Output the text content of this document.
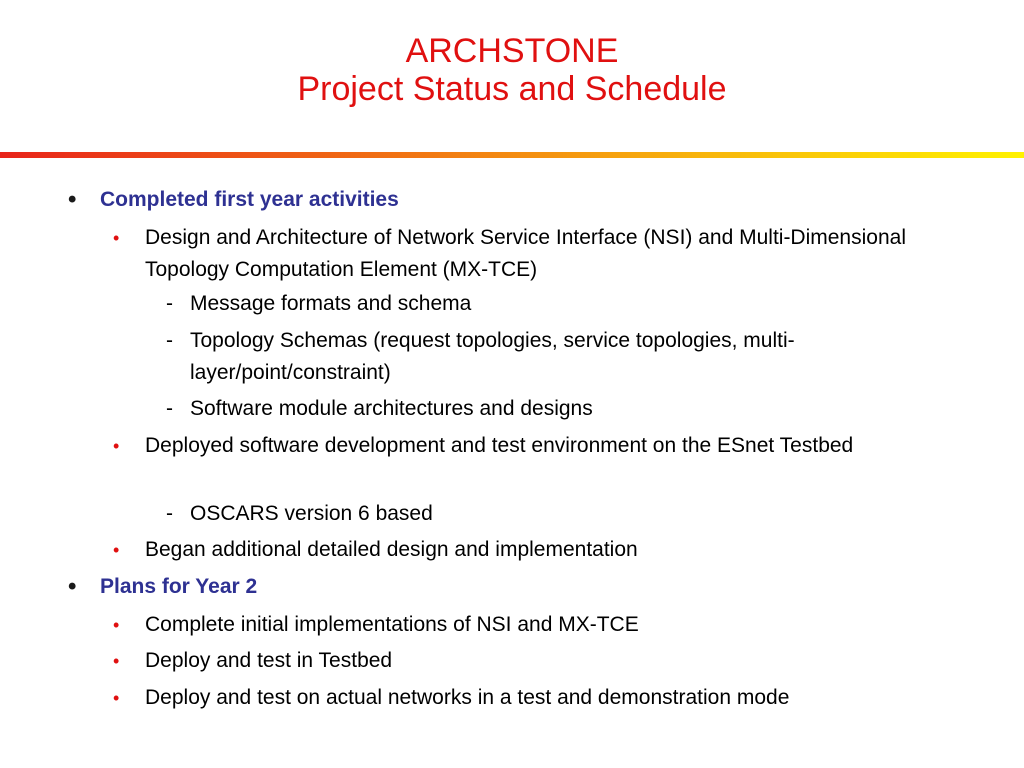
ARCHSTONE
Project Status and Schedule
• Completed first year activities
• Design and Architecture of Network Service Interface (NSI) and Multi-Dimensional Topology Computation Element (MX-TCE)
- Message formats and schema
- Topology Schemas (request topologies, service topologies, multi-layer/point/constraint)
- Software module architectures and designs
• Deployed software development and test environment on the ESnet Testbed
- OSCARS version 6 based
• Began additional detailed design and implementation
• Plans for Year 2
• Complete initial implementations of NSI and MX-TCE
• Deploy and test in Testbed
• Deploy and test on actual networks in a test and demonstration mode
